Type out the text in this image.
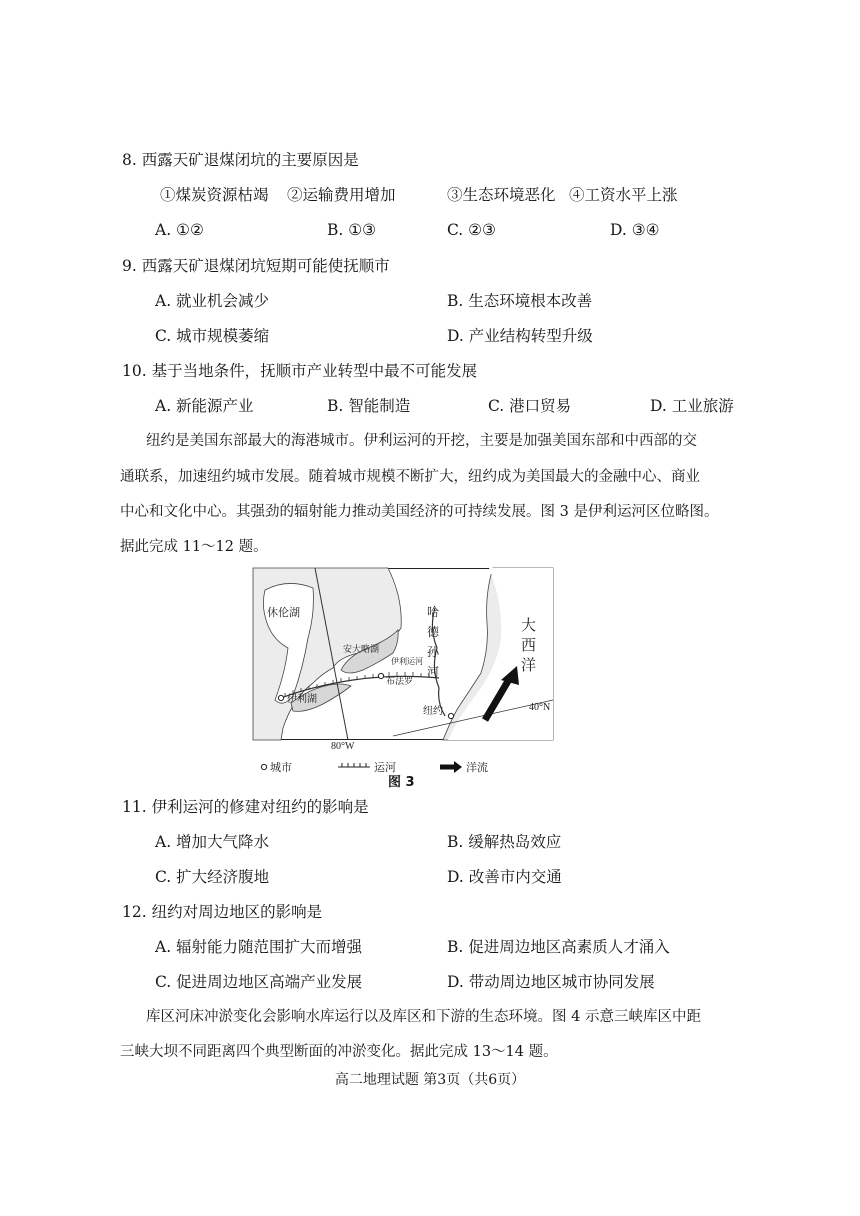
8. 西露天矿退煤闭坑的主要原因是
①煤炭资源枯竭 ②运输费用增加	③生态环境恶化 ④工资水平上涨
A. ①②	B. ①③	C. ②③	D. ③④
9. 西露天矿退煤闭坑短期可能使抚顺市
A. 就业机会减少	B. 生态环境根本改善
C. 城市规模萎缩	D. 产业结构转型升级
10. 基于当地条件，抚顺市产业转型中最不可能发展
A. 新能源产业	B. 智能制造	C. 港口贸易	D. 工业旅游
纽约是美国东部最大的海港城市。伊利运河的开挖，主要是加强美国东部和中西部的交
通联系，加速纽约城市发展。随着城市规模不断扩大，纽约成为美国最大的金融中心、商业
中心和文化中心。其强劲的辐射能力推动美国经济的可持续发展。图 3 是伊利运河区位略图。
据此完成 11～12 题。
休伦湖
安大略湖
伊利运河
布法罗
伊利湖
哈
德
孙
河
大
西
洋
纽约	40°N
80°W
城市	运河	洋流
图 3
11. 伊利运河的修建对纽约的影响是
A. 增加大气降水	B. 缓解热岛效应
C. 扩大经济腹地	D. 改善市内交通
12. 纽约对周边地区的影响是
A. 辐射能力随范围扩大而增强	B. 促进周边地区高素质人才涌入
C. 促进周边地区高端产业发展	D. 带动周边地区城市协同发展
库区河床冲淤变化会影响水库运行以及库区和下游的生态环境。图 4 示意三峡库区中距
三峡大坝不同距离四个典型断面的冲淤变化。据此完成 13～14 题。
高二地理试题 第3页（共6页）
